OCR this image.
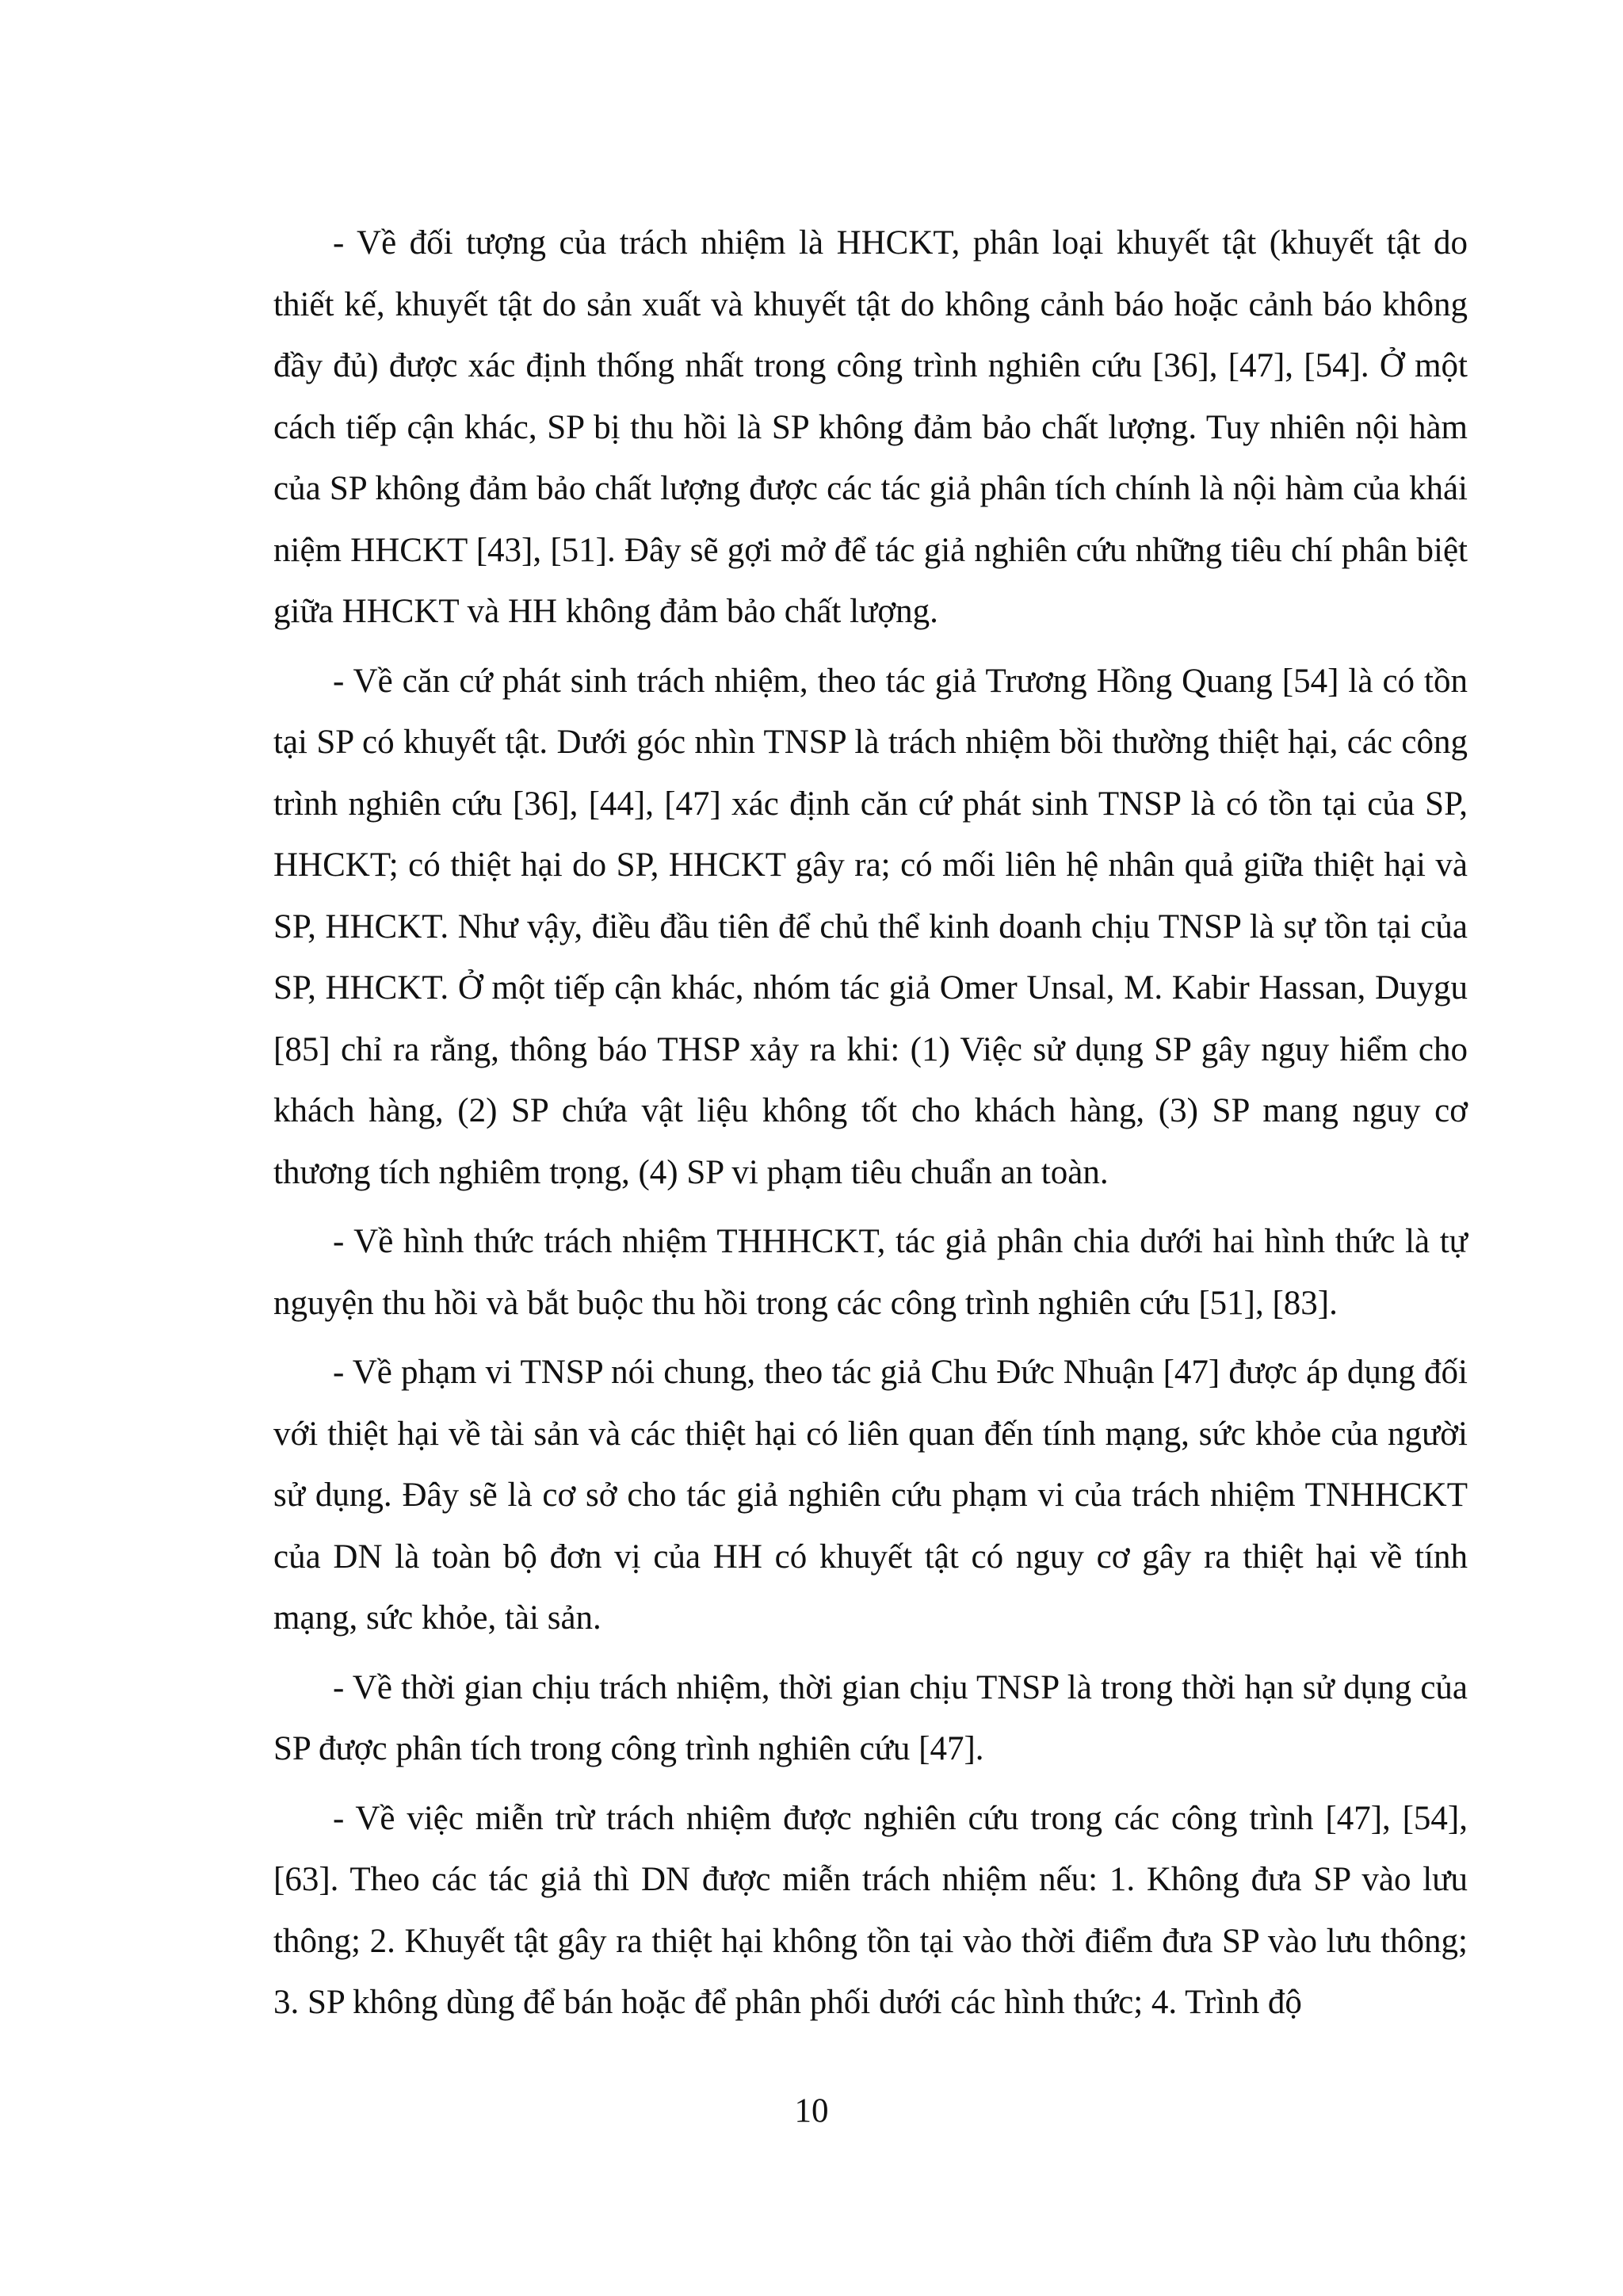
- Về đối tượng của trách nhiệm là HHCKT, phân loại khuyết tật (khuyết tật do thiết kế, khuyết tật do sản xuất và khuyết tật do không cảnh báo hoặc cảnh báo không đầy đủ) được xác định thống nhất trong công trình nghiên cứu [36], [47], [54]. Ở một cách tiếp cận khác, SP bị thu hồi là SP không đảm bảo chất lượng. Tuy nhiên nội hàm của SP không đảm bảo chất lượng được các tác giả phân tích chính là nội hàm của khái niệm HHCKT [43], [51]. Đây sẽ gợi mở để tác giả nghiên cứu những tiêu chí phân biệt giữa HHCKT và HH không đảm bảo chất lượng.

- Về căn cứ phát sinh trách nhiệm, theo tác giả Trương Hồng Quang [54] là có tồn tại SP có khuyết tật. Dưới góc nhìn TNSP là trách nhiệm bồi thường thiệt hại, các công trình nghiên cứu [36], [44], [47] xác định căn cứ phát sinh TNSP là có tồn tại của SP, HHCKT; có thiệt hại do SP, HHCKT gây ra; có mối liên hệ nhân quả giữa thiệt hại và SP, HHCKT. Như vậy, điều đầu tiên để chủ thể kinh doanh chịu TNSP là sự tồn tại của SP, HHCKT. Ở một tiếp cận khác, nhóm tác giả Omer Unsal, M. Kabir Hassan, Duygu [85] chỉ ra rằng, thông báo THSP xảy ra khi: (1) Việc sử dụng SP gây nguy hiểm cho khách hàng, (2) SP chứa vật liệu không tốt cho khách hàng, (3) SP mang nguy cơ thương tích nghiêm trọng, (4) SP vi phạm tiêu chuẩn an toàn.

- Về hình thức trách nhiệm THHHCKT, tác giả phân chia dưới hai hình thức là tự nguyện thu hồi và bắt buộc thu hồi trong các công trình nghiên cứu [51], [83].

- Về phạm vi TNSP nói chung, theo tác giả Chu Đức Nhuận [47] được áp dụng đối với thiệt hại về tài sản và các thiệt hại có liên quan đến tính mạng, sức khỏe của người sử dụng. Đây sẽ là cơ sở cho tác giả nghiên cứu phạm vi của trách nhiệm TNHHCKT của DN là toàn bộ đơn vị của HH có khuyết tật có nguy cơ gây ra thiệt hại về tính mạng, sức khỏe, tài sản.

- Về thời gian chịu trách nhiệm, thời gian chịu TNSP là trong thời hạn sử dụng của SP được phân tích trong công trình nghiên cứu [47].

- Về việc miễn trừ trách nhiệm được nghiên cứu trong các công trình [47], [54], [63]. Theo các tác giả thì DN được miễn trách nhiệm nếu: 1. Không đưa SP vào lưu thông; 2. Khuyết tật gây ra thiệt hại không tồn tại vào thời điểm đưa SP vào lưu thông; 3. SP không dùng để bán hoặc để phân phối dưới các hình thức; 4. Trình độ

10
